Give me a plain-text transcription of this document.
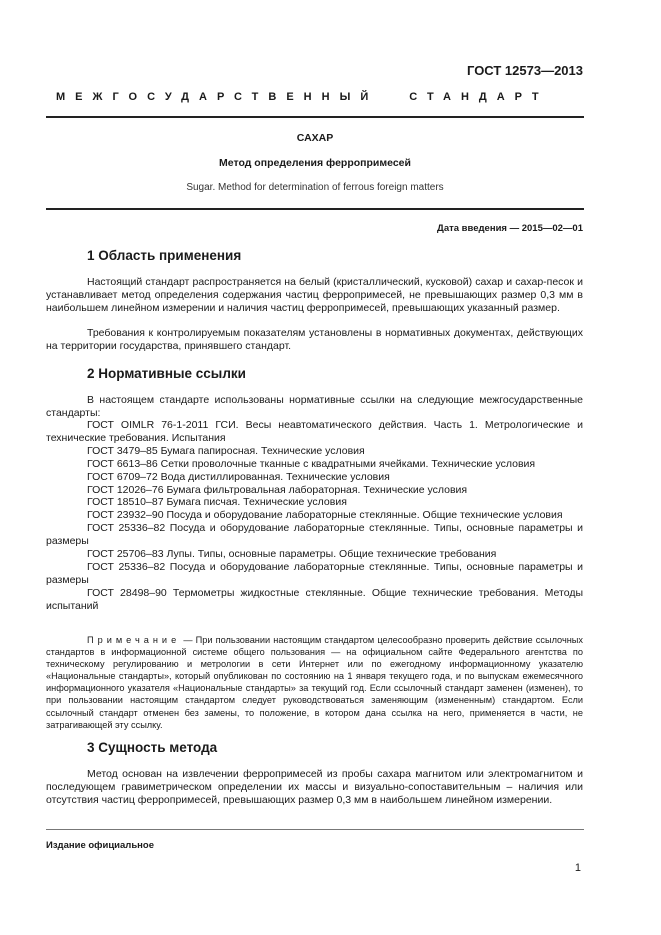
ГОСТ 12573—2013
МЕЖГОСУДАРСТВЕННЫЙ СТАНДАРТ
САХАР
Метод определения ферропримесей
Sugar. Method for determination of ferrous foreign matters
Дата введения — 2015—02—01
1 Область применения
Настоящий стандарт распространяется на белый (кристаллический, кусковой) сахар и сахар-песок и устанавливает метод определения содержания частиц ферропримесей, не превышающих размер 0,3 мм в наибольшем линейном измерении и наличия частиц ферропримесей, превышающих указанный размер.
Требования к контролируемым показателям установлены в нормативных документах, действующих на территории государства, принявшего стандарт.
2 Нормативные ссылки
В настоящем стандарте использованы нормативные ссылки на следующие межгосударственные стандарты:

ГОСТ OIMLR 76-1-2011 ГСИ. Весы неавтоматического действия. Часть 1. Метрологические и технические требования. Испытания

ГОСТ 3479–85 Бумага папиросная. Технические условия

ГОСТ 6613–86 Сетки проволочные тканные с квадратными ячейками. Технические условия

ГОСТ 6709–72 Вода дистиллированная. Технические условия

ГОСТ 12026–76 Бумага фильтровальная лабораторная. Технические условия

ГОСТ 18510–87 Бумага писчая. Технические условия

ГОСТ 23932–90 Посуда и оборудование лабораторные стеклянные. Общие технические условия

ГОСТ 25336–82 Посуда и оборудование лабораторные стеклянные. Типы, основные параметры и размеры

ГОСТ 25706–83 Лупы. Типы, основные параметры. Общие технические требования

ГОСТ 25336–82 Посуда и оборудование лабораторные стеклянные. Типы, основные параметры и размеры

ГОСТ 28498–90 Термометры жидкостные стеклянные. Общие технические требования. Методы испытаний

Примечание — При пользовании настоящим стандартом целесообразно проверить действие ссылочных стандартов в информационной системе общего пользования — на официальном сайте Федерального агентства по техническому регулированию и метрологии в сети Интернет или по ежегодному информационному указателю «Национальные стандарты», который опубликован по состоянию на 1 января текущего года, и по выпускам ежемесячного информационного указателя «Национальные стандарты» за текущий год. Если ссылочный стандарт заменен (изменен), то при пользовании настоящим стандартом следует руководствоваться заменяющим (измененным) стандартом. Если ссылочный стандарт отменен без замены, то положение, в котором дана ссылка на него, применяется в части, не затрагивающей эту ссылку.
3 Сущность метода
Метод основан на извлечении ферропримесей из пробы сахара магнитом или электромагнитом и последующем гравиметрическом определении их массы и визуально-сопоставительным – наличия или отсутствия частиц ферропримесей, превышающих размер 0,3 мм в наибольшем линейном измерении.
Издание официальное
1
